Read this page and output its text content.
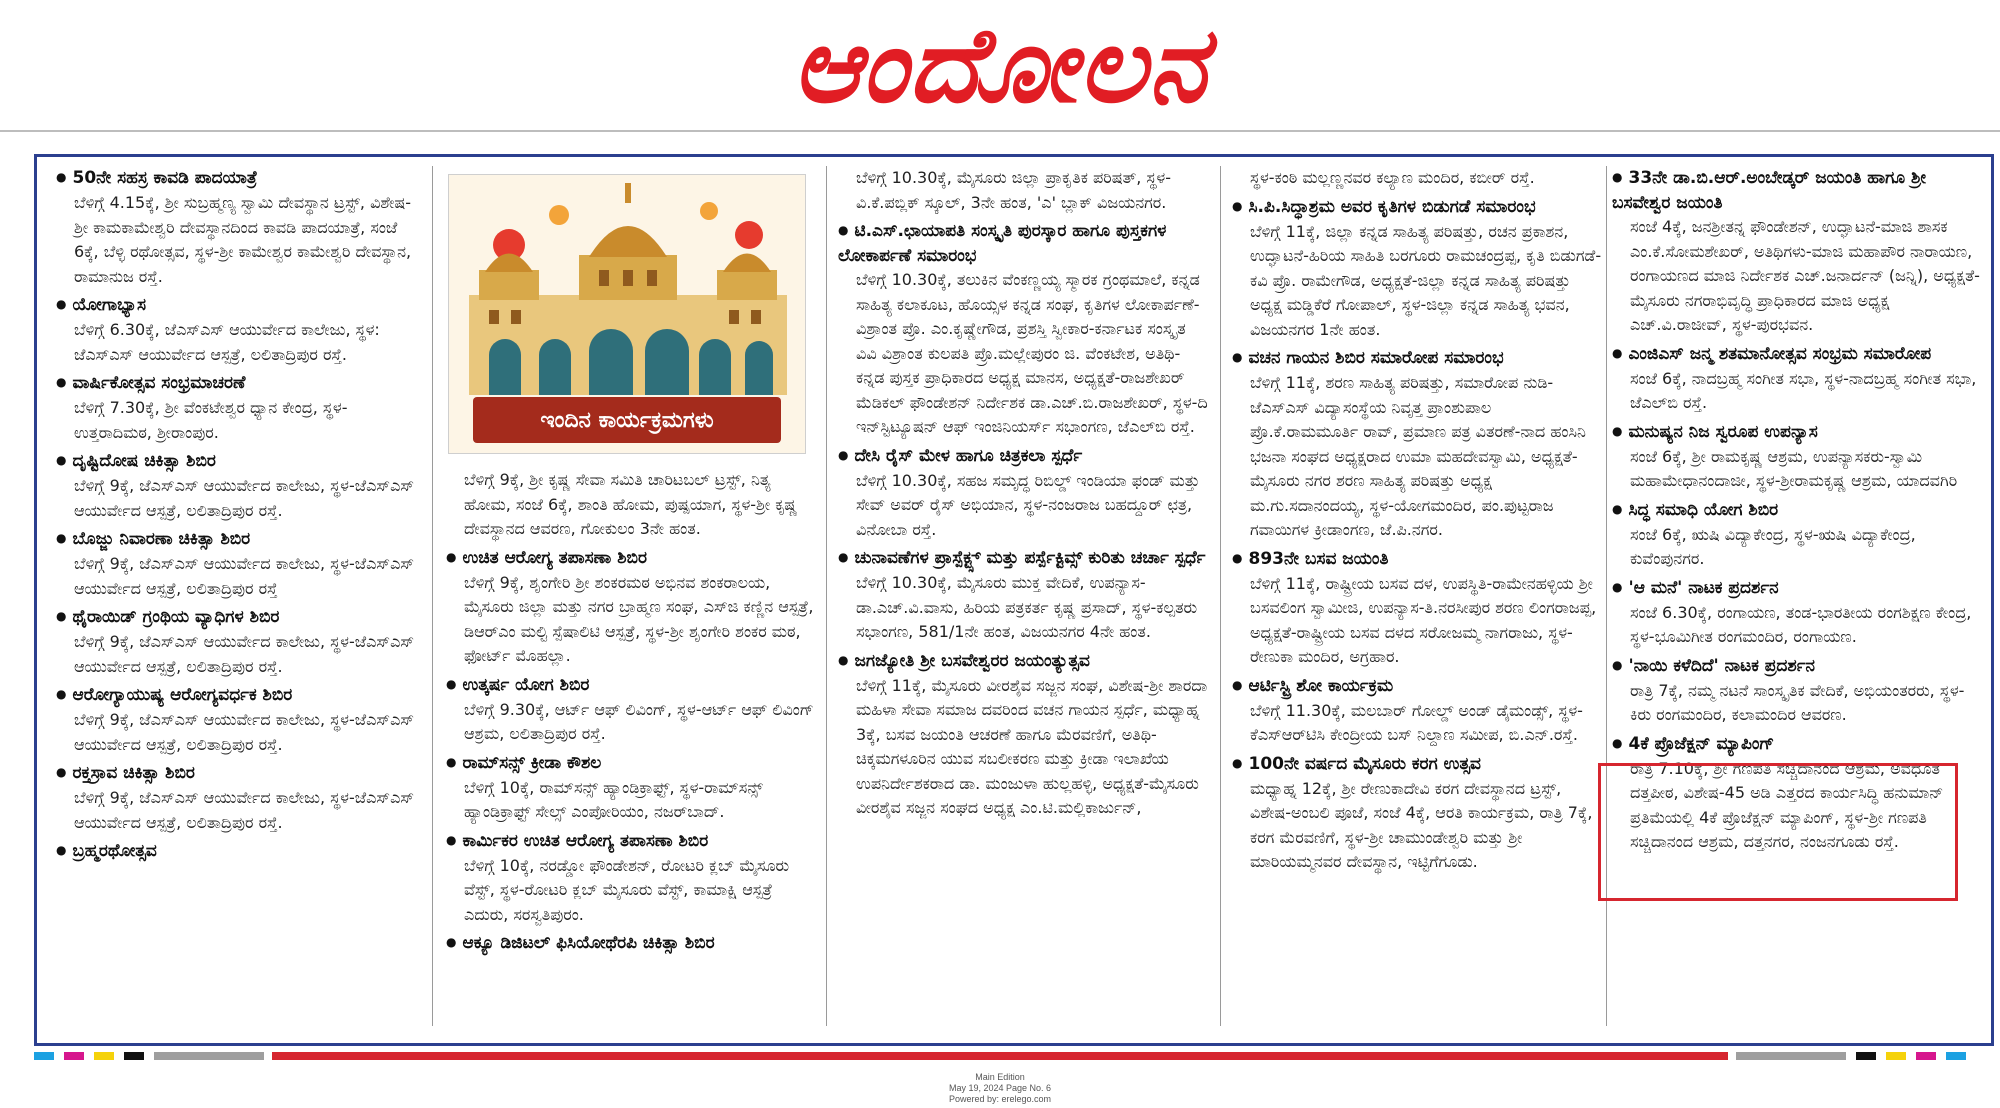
ಆಂದೋಲನ
● 50ನೇ ಸಹಸ್ರ ಕಾವಡಿ ಪಾದಯಾತ್ರೆ

ಬೆಳಿಗ್ಗೆ 4.15ಕ್ಕೆ, ಶ್ರೀ ಸುಬ್ರಹ್ಮಣ್ಯ ಸ್ವಾಮಿ ದೇವಸ್ಥಾನ ಟ್ರಸ್ಟ್, ವಿಶೇಷ-ಶ್ರೀ ಕಾಮಕಾಮೇಶ್ವರಿ ದೇವಸ್ಥಾನದಿಂದ ಕಾವಡಿ ಪಾದಯಾತ್ರೆ, ಸಂಜೆ 6ಕ್ಕೆ, ಬೆಳ್ಳಿ ರಥೋತ್ಸವ, ಸ್ಥಳ-ಶ್ರೀ ಕಾಮೇಶ್ವರ ಕಾಮೇಶ್ವರಿ ದೇವಸ್ಥಾನ, ರಾಮಾನುಜ ರಸ್ತೆ.

● ಯೋಗಾಭ್ಯಾಸ

ಬೆಳಿಗ್ಗೆ 6.30ಕ್ಕೆ, ಜೆಎಸ್‌ಎಸ್ ಆಯುರ್ವೇದ ಕಾಲೇಜು, ಸ್ಥಳ: ಜೆಎಸ್‌ಎಸ್ ಆಯುರ್ವೇದ ಆಸ್ಪತ್ರೆ, ಲಲಿತಾದ್ರಿಪುರ ರಸ್ತೆ.

● ವಾರ್ಷಿಕೋತ್ಸವ ಸಂಭ್ರಮಾಚರಣೆ

ಬೆಳಿಗ್ಗೆ 7.30ಕ್ಕೆ, ಶ್ರೀ ವೆಂಕಟೇಶ್ವರ ಧ್ಯಾನ ಕೇಂದ್ರ, ಸ್ಥಳ-ಉತ್ತರಾದಿಮಠ, ಶ್ರೀರಾಂಪುರ.

● ದೃಷ್ಟಿದೋಷ ಚಿಕಿತ್ಸಾ ಶಿಬಿರ

ಬೆಳಿಗ್ಗೆ 9ಕ್ಕೆ, ಜೆಎಸ್‌ಎಸ್ ಆಯುರ್ವೇದ ಕಾಲೇಜು, ಸ್ಥಳ-ಜೆಎಸ್‌ಎಸ್ ಆಯುರ್ವೇದ ಆಸ್ಪತ್ರೆ, ಲಲಿತಾದ್ರಿಪುರ ರಸ್ತೆ.

● ಬೊಜ್ಜು ನಿವಾರಣಾ ಚಿಕಿತ್ಸಾ ಶಿಬಿರ

ಬೆಳಿಗ್ಗೆ 9ಕ್ಕೆ, ಜೆಎಸ್‌ಎಸ್ ಆಯುರ್ವೇದ ಕಾಲೇಜು, ಸ್ಥಳ-ಜೆಎಸ್‌ಎಸ್ ಆಯುರ್ವೇದ ಆಸ್ಪತ್ರೆ, ಲಲಿತಾದ್ರಿಪುರ ರಸ್ತೆ

● ಥೈರಾಯಿಡ್ ಗ್ರಂಥಿಯ ವ್ಯಾಧಿಗಳ ಶಿಬಿರ

ಬೆಳಿಗ್ಗೆ 9ಕ್ಕೆ, ಜೆಎಸ್‌ಎಸ್ ಆಯುರ್ವೇದ ಕಾಲೇಜು, ಸ್ಥಳ-ಜೆಎಸ್‌ಎಸ್ ಆಯುರ್ವೇದ ಆಸ್ಪತ್ರೆ, ಲಲಿತಾದ್ರಿಪುರ ರಸ್ತೆ.

● ಆರೋಗ್ಯಾಯುಷ್ಯ ಆರೋಗ್ಯವರ್ಧಕ ಶಿಬಿರ

ಬೆಳಿಗ್ಗೆ 9ಕ್ಕೆ, ಜೆಎಸ್‌ಎಸ್ ಆಯುರ್ವೇದ ಕಾಲೇಜು, ಸ್ಥಳ-ಜೆಎಸ್‌ಎಸ್ ಆಯುರ್ವೇದ ಆಸ್ಪತ್ರೆ, ಲಲಿತಾದ್ರಿಪುರ ರಸ್ತೆ.

● ರಕ್ತಸ್ರಾವ ಚಿಕಿತ್ಸಾ ಶಿಬಿರ

ಬೆಳಿಗ್ಗೆ 9ಕ್ಕೆ, ಜೆಎಸ್‌ಎಸ್ ಆಯುರ್ವೇದ ಕಾಲೇಜು, ಸ್ಥಳ-ಜೆಎಸ್‌ಎಸ್ ಆಯುರ್ವೇದ ಆಸ್ಪತ್ರೆ, ಲಲಿತಾದ್ರಿಪುರ ರಸ್ತೆ.

● ಬ್ರಹ್ಮರಥೋತ್ಸವ
ಇಂದಿನ ಕಾರ್ಯಕ್ರಮಗಳು

ಬೆಳಿಗ್ಗೆ 9ಕ್ಕೆ, ಶ್ರೀ ಕೃಷ್ಣ ಸೇವಾ ಸಮಿತಿ ಚಾರಿಟಬಲ್ ಟ್ರಸ್ಟ್, ನಿತ್ಯ ಹೋಮ, ಸಂಜೆ 6ಕ್ಕೆ, ಶಾಂತಿ ಹೋಮ, ಪುಷ್ಪಯಾಗ, ಸ್ಥಳ-ಶ್ರೀ ಕೃಷ್ಣ ದೇವಸ್ಥಾನದ ಆವರಣ, ಗೋಕುಲಂ 3ನೇ ಹಂತ.

● ಉಚಿತ ಆರೋಗ್ಯ ತಪಾಸಣಾ ಶಿಬಿರ

ಬೆಳಿಗ್ಗೆ 9ಕ್ಕೆ, ಶೃಂಗೇರಿ ಶ್ರೀ ಶಂಕರಮಠ ಅಭಿನವ ಶಂಕರಾಲಯ, ಮೈಸೂರು ಜಿಲ್ಲಾ ಮತ್ತು ನಗರ ಬ್ರಾಹ್ಮಣ ಸಂಘ, ಎಸ್‌ಜಿ ಕಣ್ಣಿನ ಆಸ್ಪತ್ರೆ, ಡಿಆರ್‌ಎಂ ಮಲ್ಟಿ ಸ್ಪೆಷಾಲಿಟಿ ಆಸ್ಪತ್ರೆ, ಸ್ಥಳ-ಶ್ರೀ ಶೃಂಗೇರಿ ಶಂಕರ ಮಠ, ಫೋರ್ಟ್ ಮೊಹಲ್ಲಾ.

● ಉತ್ಕರ್ಷ ಯೋಗ ಶಿಬಿರ

ಬೆಳಿಗ್ಗೆ 9.30ಕ್ಕೆ, ಆರ್ಟ್ ಆಫ್ ಲಿವಿಂಗ್, ಸ್ಥಳ-ಆರ್ಟ್ ಆಫ್ ಲಿವಿಂಗ್ ಆಶ್ರಮ, ಲಲಿತಾದ್ರಿಪುರ ರಸ್ತೆ.

● ರಾಮ್‌ಸನ್ಸ್ ಕ್ರೀಡಾ ಕೌಶಲ

ಬೆಳಿಗ್ಗೆ 10ಕ್ಕೆ, ರಾಮ್‌ಸನ್ಸ್ ಹ್ಯಾಂಡಿಕ್ರಾಫ್ಟ್, ಸ್ಥಳ-ರಾಮ್‌ಸನ್ಸ್ ಹ್ಯಾಂಡಿಕ್ರಾಫ್ಟ್ ಸೇಲ್ಸ್ ಎಂಪೋರಿಯಂ, ನಜರ್‌ಬಾದ್.

● ಕಾರ್ಮಿಕರ ಉಚಿತ ಆರೋಗ್ಯ ತಪಾಸಣಾ ಶಿಬಿರ

ಬೆಳಿಗ್ಗೆ 10ಕ್ಕೆ, ನರಡ್ಡೋ ಫೌಂಡೇಶನ್, ರೋಟರಿ ಕ್ಲಬ್ ಮೈಸೂರು ವೆಸ್ಟ್, ಸ್ಥಳ-ರೋಟರಿ ಕ್ಲಬ್ ಮೈಸೂರು ವೆಸ್ಟ್, ಕಾಮಾಕ್ಷಿ ಆಸ್ಪತ್ರೆ ಎದುರು, ಸರಸ್ವತಿಪುರಂ.

● ಆಕ್ಯೂ ಡಿಜಿಟಲ್ ಫಿಸಿಯೋಥೆರಪಿ ಚಿಕಿತ್ಸಾ ಶಿಬಿರ

ಬೆಳಿಗ್ಗೆ 10.30ಕ್ಕೆ, ಮೈಸೂರು ಜಿಲ್ಲಾ ಪ್ರಾಕೃತಿಕ ಪರಿಷತ್, ಸ್ಥಳ-ವಿ.ಕೆ.ಪಬ್ಲಿಕ್ ಸ್ಕೂಲ್, 3ನೇ ಹಂತ, 'ಎ' ಬ್ಲಾಕ್ ವಿಜಯನಗರ.

● ಟಿ.ಎಸ್.ಛಾಯಾಪತಿ ಸಂಸ್ಕೃತಿ ಪುರಸ್ಕಾರ ಹಾಗೂ ಪುಸ್ತಕಗಳ ಲೋಕಾರ್ಪಣೆ ಸಮಾರಂಭ

ಬೆಳಿಗ್ಗೆ 10.30ಕ್ಕೆ, ತಲುಕಿನ ವೆಂಕಣ್ಣಯ್ಯ ಸ್ಮಾರಕ ಗ್ರಂಥಮಾಲೆ, ಕನ್ನಡ ಸಾಹಿತ್ಯ ಕಲಾಕೂಟ, ಹೊಯ್ಸಳ ಕನ್ನಡ ಸಂಘ, ಕೃತಿಗಳ ಲೋಕಾರ್ಪಣೆ-ವಿಶ್ರಾಂತ ಪ್ರೊ. ಎಂ.ಕೃಷ್ಣೇಗೌಡ, ಪ್ರಶಸ್ತಿ ಸ್ವೀಕಾರ-ಕರ್ನಾಟಕ ಸಂಸ್ಕೃತ ವಿವಿ ವಿಶ್ರಾಂತ ಕುಲಪತಿ ಪ್ರೊ.ಮಲ್ಲೇಪುರಂ ಜಿ. ವೆಂಕಟೇಶ, ಅತಿಥಿ-ಕನ್ನಡ ಪುಸ್ತಕ ಪ್ರಾಧಿಕಾರದ ಅಧ್ಯಕ್ಷ ಮಾನಸ, ಅಧ್ಯಕ್ಷತೆ-ರಾಜಶೇಖರ್ ಮೆಡಿಕಲ್ ಫೌಂಡೇಶನ್ ನಿರ್ದೇಶಕ ಡಾ.ಎಚ್.ಬಿ.ರಾಜಶೇಖರ್, ಸ್ಥಳ-ದಿ ಇನ್‌ಸ್ಟಿಟ್ಯೂಷನ್ ಆಫ್ ಇಂಜಿನಿಯರ್ಸ್ ಸಭಾಂಗಣ, ಜೆಎಲ್‌ಬಿ ರಸ್ತೆ.

● ದೇಸಿ ರೈಸ್ ಮೇಳ ಹಾಗೂ ಚಿತ್ರಕಲಾ ಸ್ಪರ್ಧೆ

ಬೆಳಿಗ್ಗೆ 10.30ಕ್ಕೆ, ಸಹಜ ಸಮೃದ್ಧ ರಿಬಿಲ್ಡ್ ಇಂಡಿಯಾ ಫಂಡ್ ಮತ್ತು ಸೇವ್ ಅವರ್ ರೈಸ್ ಅಭಿಯಾನ, ಸ್ಥಳ-ನಂಜರಾಜ ಬಹದ್ದೂರ್ ಛತ್ರ, ವಿನೋಬಾ ರಸ್ತೆ.

● ಚುನಾವಣೆಗಳ ಪ್ರಾಸ್ಪೆಕ್ಟ್ಸ್ ಮತ್ತು ಪರ್ಸ್ಪೆಕ್ಟಿವ್ಸ್ ಕುರಿತು ಚರ್ಚಾ ಸ್ಪರ್ಧೆ

ಬೆಳಿಗ್ಗೆ 10.30ಕ್ಕೆ, ಮೈಸೂರು ಮುಕ್ತ ವೇದಿಕೆ, ಉಪನ್ಯಾಸ-ಡಾ.ಎಚ್.ವಿ.ವಾಸು, ಹಿರಿಯ ಪತ್ರಕರ್ತ ಕೃಷ್ಣ ಪ್ರಸಾದ್, ಸ್ಥಳ-ಕಲ್ಪತರು ಸಭಾಂಗಣ, 581/1ನೇ ಹಂತ, ವಿಜಯನಗರ 4ನೇ ಹಂತ.

● ಜಗಜ್ಯೋತಿ ಶ್ರೀ ಬಸವೇಶ್ವರರ ಜಯಂತ್ಯುತ್ಸವ

ಬೆಳಿಗ್ಗೆ 11ಕ್ಕೆ, ಮೈಸೂರು ವೀರಶೈವ ಸಜ್ಜನ ಸಂಘ, ವಿಶೇಷ-ಶ್ರೀ ಶಾರದಾ ಮಹಿಳಾ ಸೇವಾ ಸಮಾಜ ದವರಿಂದ ವಚನ ಗಾಯನ ಸ್ಪರ್ಧೆ, ಮಧ್ಯಾಹ್ನ 3ಕ್ಕೆ, ಬಸವ ಜಯಂತಿ ಆಚರಣೆ ಹಾಗೂ ಮೆರವಣಿಗೆ, ಅತಿಥಿ-ಚಿಕ್ಕಮಗಳೂರಿನ ಯುವ ಸಬಲೀಕರಣ ಮತ್ತು ಕ್ರೀಡಾ ಇಲಾಖೆಯ ಉಪನಿರ್ದೇಶಕರಾದ ಡಾ. ಮಂಜುಳಾ ಹುಲ್ಲಹಳ್ಳಿ, ಅಧ್ಯಕ್ಷತೆ-ಮೈಸೂರು ವೀರಶೈವ ಸಜ್ಜನ ಸಂಘದ ಅಧ್ಯಕ್ಷ ಎಂ.ಟಿ.ಮಲ್ಲಿಕಾರ್ಜುನ್,

ಸ್ಥಳ-ಕಂಠಿ ಮಲ್ಲಣ್ಣನವರ ಕಲ್ಯಾಣ ಮಂದಿರ, ಕಬೀರ್ ರಸ್ತೆ.

● ಸಿ.ಪಿ.ಸಿದ್ಧಾಶ್ರಮ ಅವರ ಕೃತಿಗಳ ಬಿಡುಗಡೆ ಸಮಾರಂಭ

ಬೆಳಿಗ್ಗೆ 11ಕ್ಕೆ, ಜಿಲ್ಲಾ ಕನ್ನಡ ಸಾಹಿತ್ಯ ಪರಿಷತ್ತು, ರಚನ ಪ್ರಕಾಶನ, ಉದ್ಘಾಟನೆ-ಹಿರಿಯ ಸಾಹಿತಿ ಬರಗೂರು ರಾಮಚಂದ್ರಪ್ಪ, ಕೃತಿ ಬಿಡುಗಡೆ-ಕವಿ ಪ್ರೊ. ರಾಮೇಗೌಡ, ಅಧ್ಯಕ್ಷತೆ-ಜಿಲ್ಲಾ ಕನ್ನಡ ಸಾಹಿತ್ಯ ಪರಿಷತ್ತು ಅಧ್ಯಕ್ಷ ಮಡ್ಡಿಕೆರೆ ಗೋಪಾಲ್, ಸ್ಥಳ-ಜಿಲ್ಲಾ ಕನ್ನಡ ಸಾಹಿತ್ಯ ಭವನ, ವಿಜಯನಗರ 1ನೇ ಹಂತ.

● ವಚನ ಗಾಯನ ಶಿಬಿರ ಸಮಾರೋಪ ಸಮಾರಂಭ

ಬೆಳಿಗ್ಗೆ 11ಕ್ಕೆ, ಶರಣ ಸಾಹಿತ್ಯ ಪರಿಷತ್ತು, ಸಮಾರೋಪ ನುಡಿ-ಜೆಎಸ್‌ಎಸ್ ವಿದ್ಯಾಸಂಸ್ಥೆಯ ನಿವೃತ್ತ ಪ್ರಾಂಶುಪಾಲ ಪ್ರೊ.ಕೆ.ರಾಮಮೂರ್ತಿ ರಾವ್, ಪ್ರಮಾಣ ಪತ್ರ ವಿತರಣೆ-ನಾದ ಹಂಸಿನಿ ಭಜನಾ ಸಂಘದ ಅಧ್ಯಕ್ಷರಾದ ಉಮಾ ಮಹದೇವಸ್ವಾಮಿ, ಅಧ್ಯಕ್ಷತೆ-ಮೈಸೂರು ನಗರ ಶರಣ ಸಾಹಿತ್ಯ ಪರಿಷತ್ತು ಅಧ್ಯಕ್ಷ ಮ.ಗು.ಸದಾನಂದಯ್ಯ, ಸ್ಥಳ-ಯೋಗಮಂದಿರ, ಪಂ.ಪುಟ್ಟರಾಜ ಗವಾಯಿಗಳ ಕ್ರೀಡಾಂಗಣ, ಜೆ.ಪಿ.ನಗರ.

● 893ನೇ ಬಸವ ಜಯಂತಿ

ಬೆಳಿಗ್ಗೆ 11ಕ್ಕೆ, ರಾಷ್ಟ್ರೀಯ ಬಸವ ದಳ, ಉಪಸ್ಥಿತಿ-ರಾಮೇನಹಳ್ಳಿಯ ಶ್ರೀ ಬಸವಲಿಂಗ ಸ್ವಾಮೀಜಿ, ಉಪನ್ಯಾಸ-ತಿ.ನರಸೀಪುರ ಶರಣ ಲಿಂಗರಾಜಪ್ಪ, ಅಧ್ಯಕ್ಷತೆ-ರಾಷ್ಟ್ರೀಯ ಬಸವ ದಳದ ಸರೋಜಮ್ಮ ನಾಗರಾಜು, ಸ್ಥಳ-ರೇಣುಕಾ ಮಂದಿರ, ಅಗ್ರಹಾರ.

● ಆರ್ಟಿಸ್ಟ್ರಿ ಶೋ ಕಾರ್ಯಕ್ರಮ

ಬೆಳಿಗ್ಗೆ 11.30ಕ್ಕೆ, ಮಲಬಾರ್ ಗೋಲ್ಡ್ ಅಂಡ್ ಡೈಮಂಡ್ಸ್, ಸ್ಥಳ-ಕೆಎಸ್‌ಆರ್‌ಟಿಸಿ ಕೇಂದ್ರೀಯ ಬಸ್ ನಿಲ್ದಾಣ ಸಮೀಪ, ಬಿ.ಎನ್.ರಸ್ತೆ.

● 100ನೇ ವರ್ಷದ ಮೈಸೂರು ಕರಗ ಉತ್ಸವ

ಮಧ್ಯಾಹ್ನ 12ಕ್ಕೆ, ಶ್ರೀ ರೇಣುಕಾದೇವಿ ಕರಗ ದೇವಸ್ಥಾನದ ಟ್ರಸ್ಟ್, ವಿಶೇಷ-ಅಂಬಲಿ ಪೂಜೆ, ಸಂಜೆ 4ಕ್ಕೆ, ಆರತಿ ಕಾರ್ಯಕ್ರಮ, ರಾತ್ರಿ 7ಕ್ಕೆ, ಕರಗ ಮೆರವಣಿಗೆ, ಸ್ಥಳ-ಶ್ರೀ ಚಾಮುಂಡೇಶ್ವರಿ ಮತ್ತು ಶ್ರೀ ಮಾರಿಯಮ್ಮನವರ ದೇವಸ್ಥಾನ, ಇಟ್ಟಿಗೆಗೂಡು.

● 33ನೇ ಡಾ.ಬಿ.ಆರ್.ಅಂಬೇಡ್ಕರ್ ಜಯಂತಿ ಹಾಗೂ ಶ್ರೀ ಬಸವೇಶ್ವರ ಜಯಂತಿ

ಸಂಜೆ 4ಕ್ಕೆ, ಜನಶ್ರೀತನ್ನ ಫೌಂಡೇಶನ್, ಉದ್ಘಾಟನೆ-ಮಾಜಿ ಶಾಸಕ ಎಂ.ಕೆ.ಸೋಮಶೇಖರ್, ಅತಿಥಿಗಳು-ಮಾಜಿ ಮಹಾಪೌರ ನಾರಾಯಣ, ರಂಗಾಯಣದ ಮಾಜಿ ನಿರ್ದೇಶಕ ಎಚ್.ಜನಾರ್ದನ್ (ಜನ್ನಿ), ಅಧ್ಯಕ್ಷತೆ-ಮೈಸೂರು ನಗರಾಭಿವೃದ್ಧಿ ಪ್ರಾಧಿಕಾರದ ಮಾಜಿ ಅಧ್ಯಕ್ಷ ಎಚ್.ವಿ.ರಾಜೀವ್, ಸ್ಥಳ-ಪುರಭವನ.

● ಎಂಜಿಎಸ್ ಜನ್ಮ ಶತಮಾನೋತ್ಸವ ಸಂಭ್ರಮ ಸಮಾರೋಪ

ಸಂಜೆ 6ಕ್ಕೆ, ನಾದಬ್ರಹ್ಮ ಸಂಗೀತ ಸಭಾ, ಸ್ಥಳ-ನಾದಬ್ರಹ್ಮ ಸಂಗೀತ ಸಭಾ, ಜೆಎಲ್‌ಬಿ ರಸ್ತೆ.

● ಮನುಷ್ಯನ ನಿಜ ಸ್ವರೂಪ ಉಪನ್ಯಾಸ

ಸಂಜೆ 6ಕ್ಕೆ, ಶ್ರೀ ರಾಮಕೃಷ್ಣ ಆಶ್ರಮ, ಉಪನ್ಯಾಸಕರು-ಸ್ವಾಮಿ ಮಹಾಮೇಧಾನಂದಾಜೀ, ಸ್ಥಳ-ಶ್ರೀರಾಮಕೃಷ್ಣ ಆಶ್ರಮ, ಯಾದವಗಿರಿ

● ಸಿದ್ಧ ಸಮಾಧಿ ಯೋಗ ಶಿಬಿರ

ಸಂಜೆ 6ಕ್ಕೆ, ಋಷಿ ವಿದ್ಯಾಕೇಂದ್ರ, ಸ್ಥಳ-ಋಷಿ ವಿದ್ಯಾಕೇಂದ್ರ, ಕುವೆಂಪುನಗರ.

● 'ಆ ಮನೆ' ನಾಟಕ ಪ್ರದರ್ಶನ

ಸಂಜೆ 6.30ಕ್ಕೆ, ರಂಗಾಯಣ, ತಂಡ-ಭಾರತೀಯ ರಂಗಶಿಕ್ಷಣ ಕೇಂದ್ರ, ಸ್ಥಳ-ಭೂಮಿಗೀತ ರಂಗಮಂದಿರ, ರಂಗಾಯಣ.

● 'ನಾಯಿ ಕಳೆದಿದೆ' ನಾಟಕ ಪ್ರದರ್ಶನ

ರಾತ್ರಿ 7ಕ್ಕೆ, ನಮ್ಮ ನಟನೆ ಸಾಂಸ್ಕೃತಿಕ ವೇದಿಕೆ, ಅಭಿಯಂತರರು, ಸ್ಥಳ-ಕಿರು ರಂಗಮಂದಿರ, ಕಲಾಮಂದಿರ ಆವರಣ.

● 4ಕೆ ಪ್ರೊಜೆಕ್ಷನ್ ಮ್ಯಾಪಿಂಗ್

ರಾತ್ರಿ 7.10ಕ್ಕೆ, ಶ್ರೀ ಗಣಪತಿ ಸಚ್ಚಿದಾನಂದ ಆಶ್ರಮ, ಅವಧೂತ ದತ್ತಪೀಠ, ವಿಶೇಷ-45 ಅಡಿ ಎತ್ತರದ ಕಾರ್ಯಸಿದ್ಧಿ ಹನುಮಾನ್ ಪ್ರತಿಮೆಯಲ್ಲಿ 4ಕೆ ಪ್ರೊಜೆಕ್ಷನ್ ಮ್ಯಾಪಿಂಗ್, ಸ್ಥಳ-ಶ್ರೀ ಗಣಪತಿ ಸಚ್ಚಿದಾನಂದ ಆಶ್ರಮ, ದತ್ತನಗರ, ನಂಜನಗೂಡು ರಸ್ತೆ.

Main Edition
May 19, 2024 Page No. 6
Powered by: erelego.com
